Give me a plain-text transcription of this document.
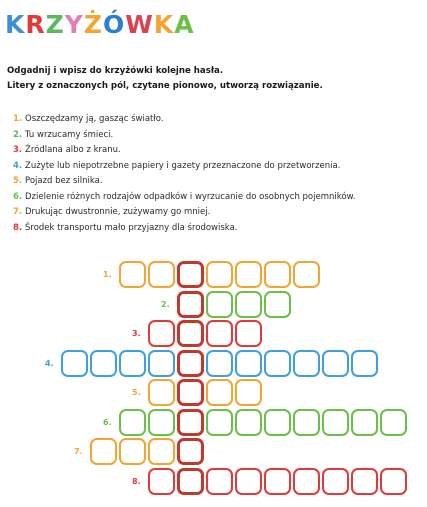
KRZYŻÓWKA

Odgadnij i wpisz do krzyżówki kolejne hasła.

Litery z oznaczonych pól, czytane pionowo, utworzą rozwiązanie.

1. Oszczędzamy ją, gasząc światło.
2. Tu wrzucamy śmieci.
3. Źródlana albo z kranu.
4. Zużyte lub niepotrzebne papiery i gazety przeznaczone do przetworzenia.
5. Pojazd bez silnika.
6. Dzielenie różnych rodzajów odpadków i wyrzucanie do osobnych pojemników.
7. Drukując dwustronnie, zużywamy go mniej.
8. Środek transportu mało przyjazny dla środowiska.
1.
2.
3.
4.
5.
6.
7.
8.
